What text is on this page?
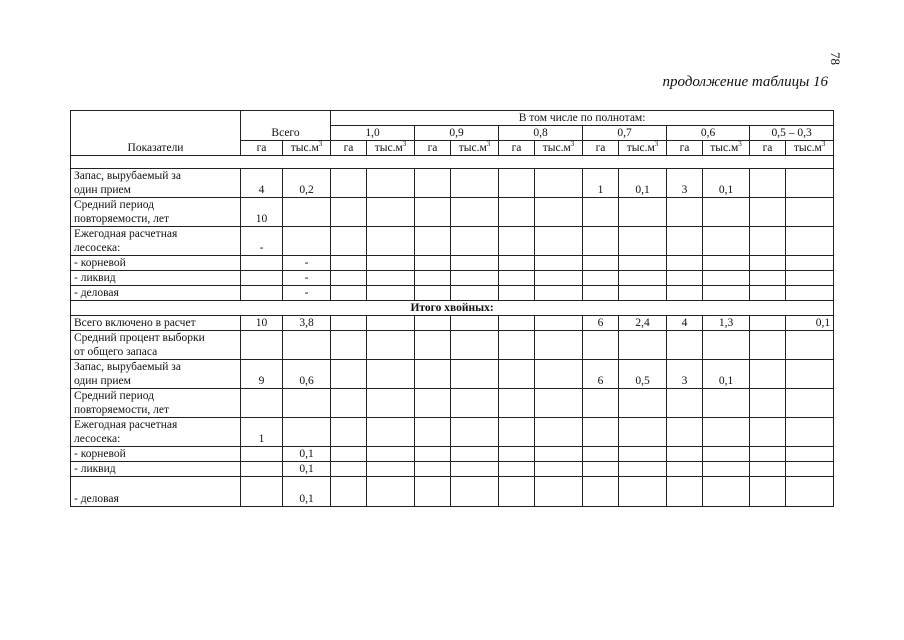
78
продолжение таблицы 16
Показатели	Всего		В том числе по полнотам:											
			1,0		0,9		0,8		0,7		0,6		0,5 – 0,3	
	га	$тыс.м^3$	га	$тыс.м^3$	га	$тыс.м^3$	га	$тыс.м^3$	га	$тыс.м^3$	га	$тыс.м^3$	га	$тыс.м^3$

Запас, вырубаемый за
один прием	4	0,2							1	0,1	3	0,1		
Средний период
повторяемости, лет	10													
Ежегодная расчетная
лесосека:	-													
- корневой		-												
- ликвид		-												
- деловая		-												
Итого хвойных:														
Всего включено в расчет	10	3,8							6	2,4	4	1,3		0,1
Средний процент выборки
от общего запаса														
Запас, вырубаемый за
один прием	9	0,6							6	0,5	3	0,1		
Средний период
повторяемости, лет														
Ежегодная расчетная
лесосека:	1													
- корневой		0,1												
- ликвид		0,1												
- деловая		0,1												
